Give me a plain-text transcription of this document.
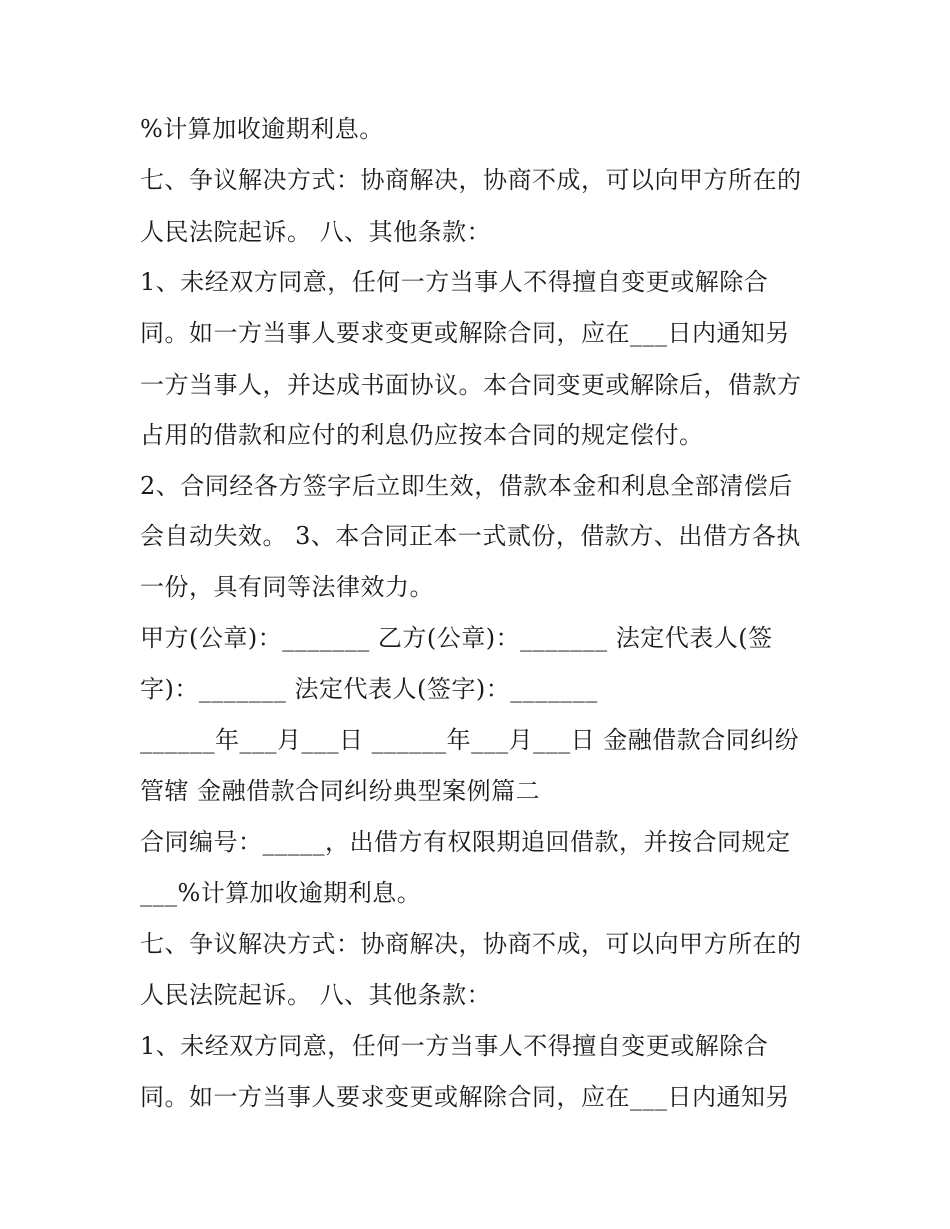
%计算加收逾期利息。

七、争议解决方式：协商解决，协商不成，可以向甲方所在的

人民法院起诉。 八、其他条款：

1、未经双方同意，任何一方当事人不得擅自变更或解除合

同。如一方当事人要求变更或解除合同，应在___日内通知另

一方当事人，并达成书面协议。本合同变更或解除后，借款方

占用的借款和应付的利息仍应按本合同的规定偿付。

2、合同经各方签字后立即生效，借款本金和利息全部清偿后

会自动失效。 3、本合同正本一式贰份，借款方、出借方各执

一份，具有同等法律效力。

甲方(公章)：_______ 乙方(公章)：_______ 法定代表人(签

字)：_______ 法定代表人(签字)：_______

______年___月___日 ______年___月___日 金融借款合同纠纷

管辖 金融借款合同纠纷典型案例篇二

合同编号：_____，出借方有权限期追回借款，并按合同规定

___%计算加收逾期利息。

七、争议解决方式：协商解决，协商不成，可以向甲方所在的

人民法院起诉。 八、其他条款：

1、未经双方同意，任何一方当事人不得擅自变更或解除合

同。如一方当事人要求变更或解除合同，应在___日内通知另
